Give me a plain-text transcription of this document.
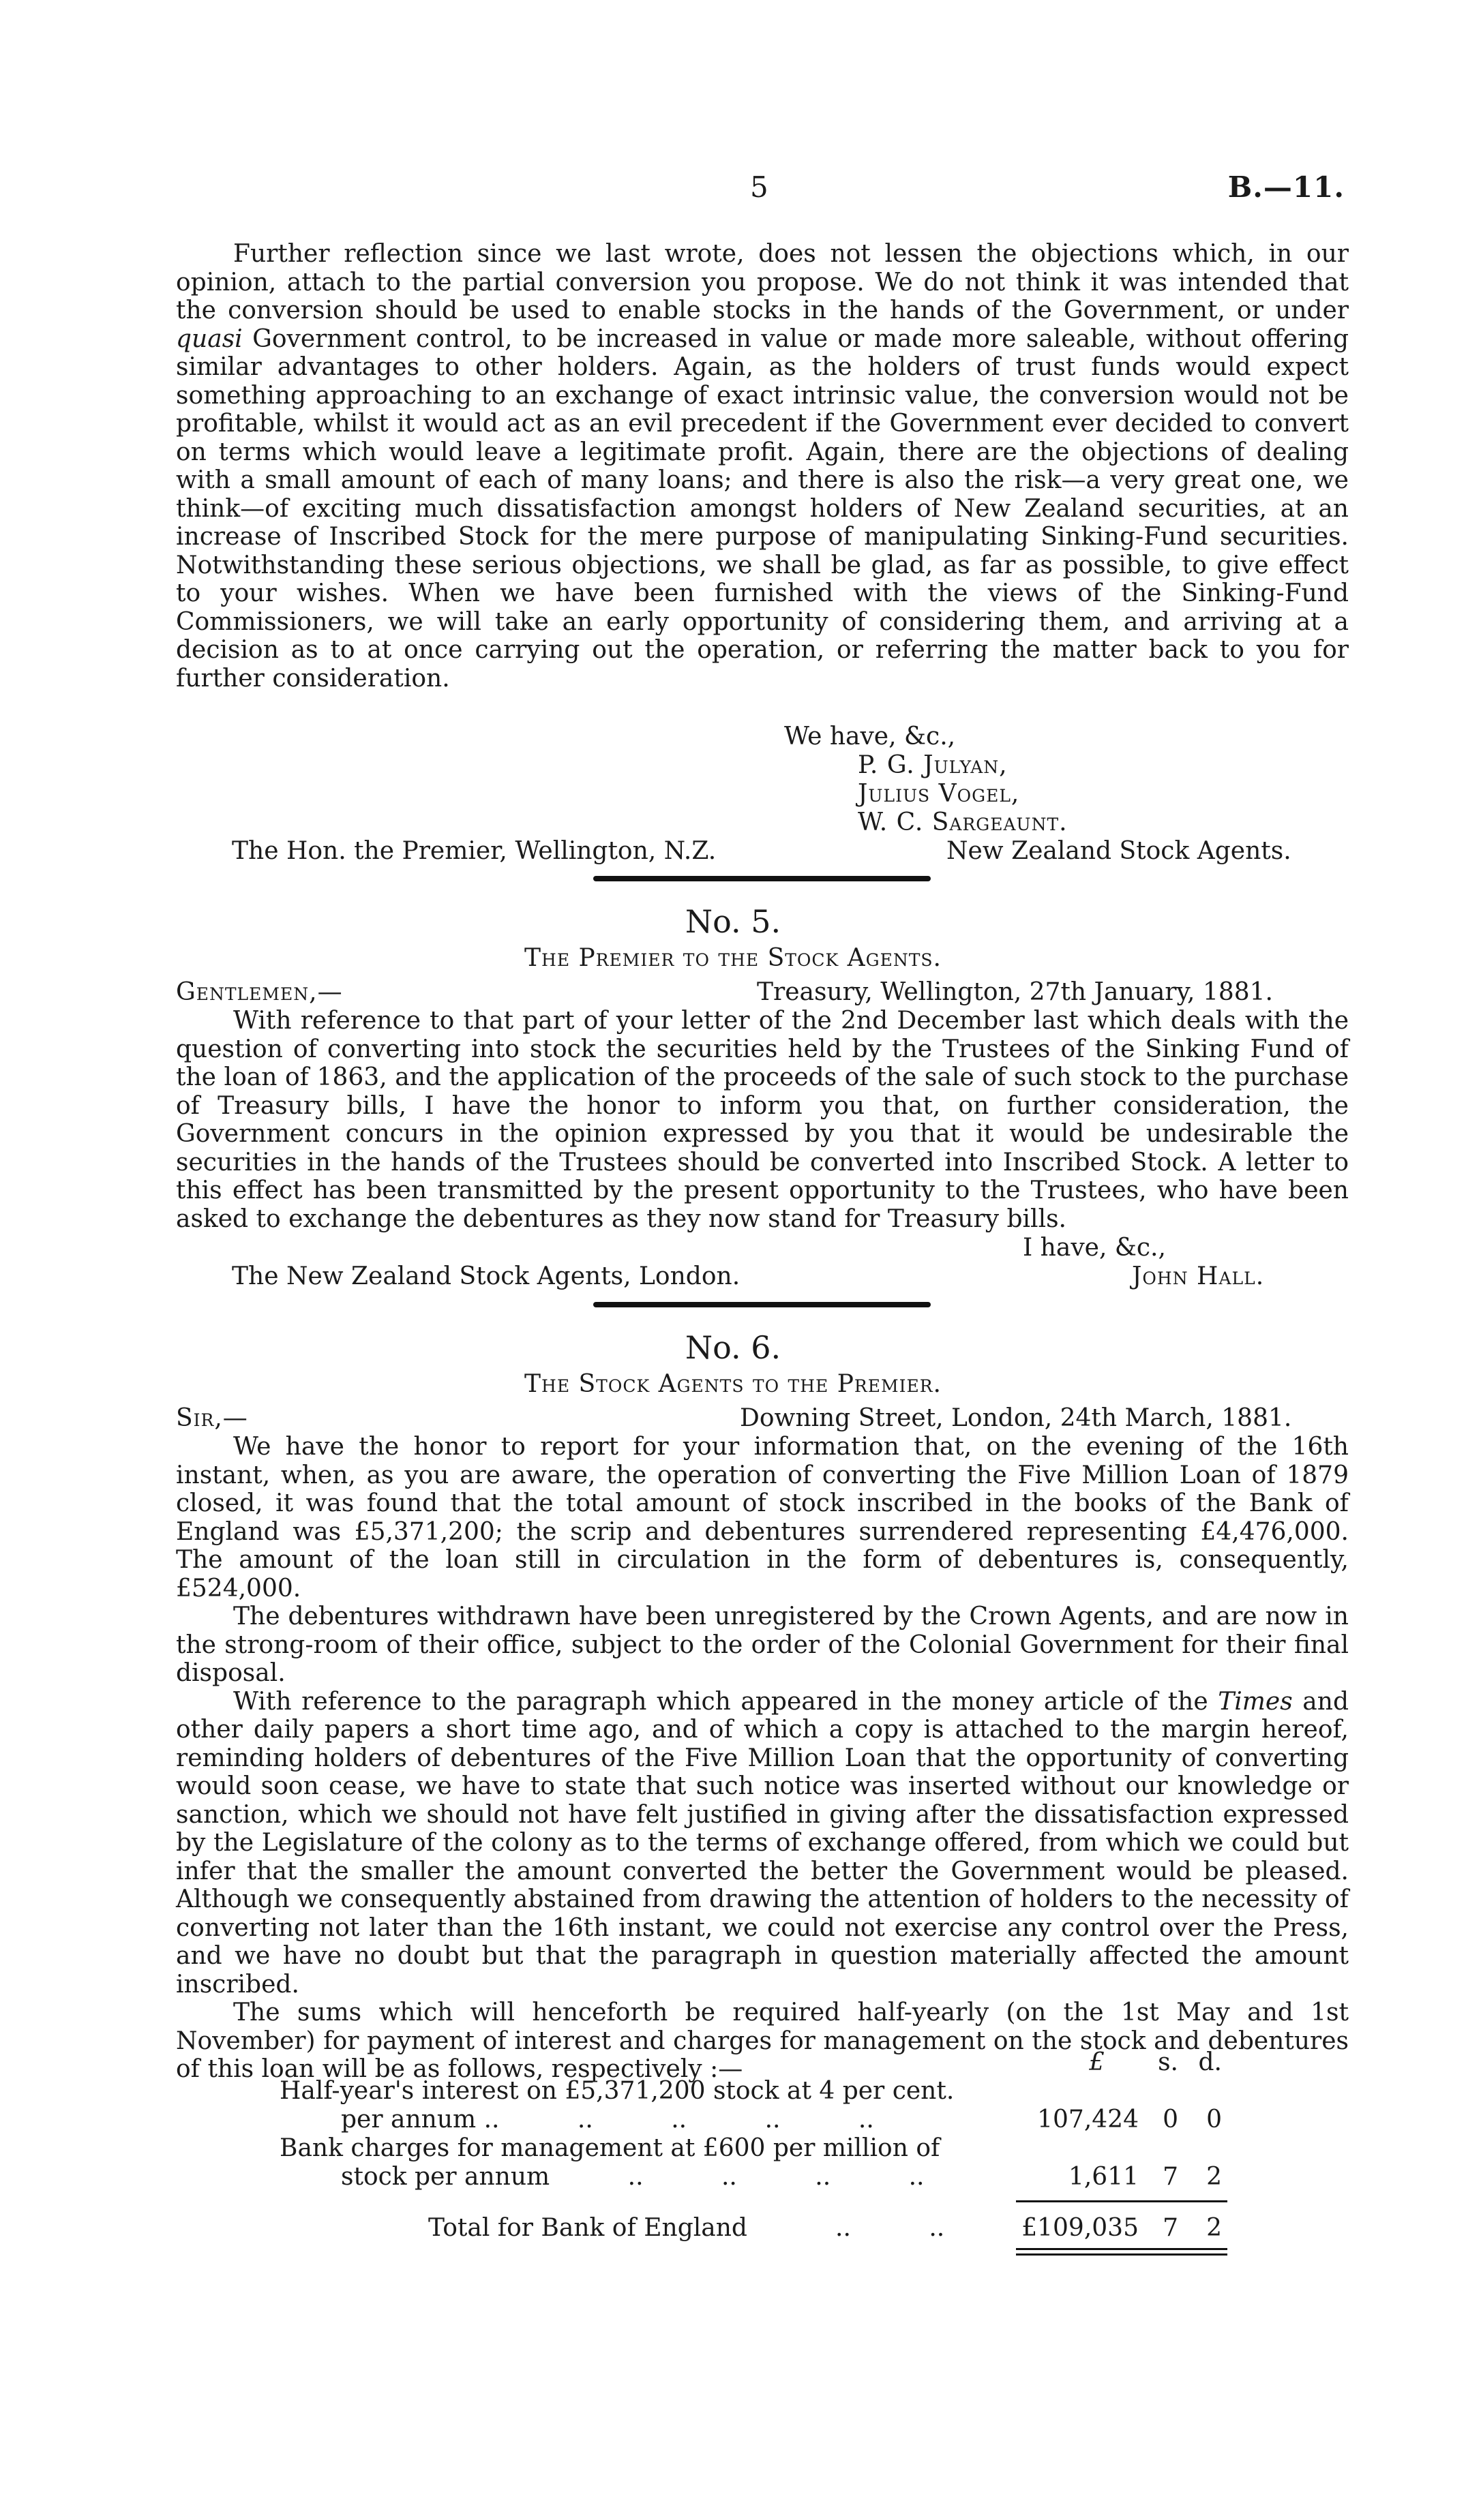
5	B.—11.

Further reflection since we last wrote, does not lessen the objections which, in our opinion, attach to the partial conversion you propose. We do not think it was intended that the conversion should be used to enable stocks in the hands of the Government, or under quasi Government control, to be increased in value or made more saleable, without offering similar advantages to other holders. Again, as the holders of trust funds would expect something approaching to an exchange of exact intrinsic value, the conversion would not be profitable, whilst it would act as an evil precedent if the Government ever decided to convert on terms which would leave a legitimate profit. Again, there are the objections of dealing with a small amount of each of many loans; and there is also the risk—a very great one, we think—of exciting much dissatisfaction amongst holders of New Zealand securities, at an increase of Inscribed Stock for the mere purpose of manipulating Sinking-Fund securities. Notwithstanding these serious objections, we shall be glad, as far as possible, to give effect to your wishes. When we have been furnished with the views of the Sinking-Fund Commissioners, we will take an early opportunity of considering them, and arriving at a decision as to at once carrying out the operation, or referring the matter back to you for further consideration.

We have, &c.,
P. G. Julyan,
Julius Vogel,
W. C. Sargeaunt.
The Hon. the Premier, Wellington, N.Z.	New Zealand Stock Agents.
No. 5.
The Premier to the Stock Agents.
Gentlemen,—	Treasury, Wellington, 27th January, 1881.

With reference to that part of your letter of the 2nd December last which deals with the question of converting into stock the securities held by the Trustees of the Sinking Fund of the loan of 1863, and the application of the proceeds of the sale of such stock to the purchase of Treasury bills, I have the honor to inform you that, on further consideration, the Government concurs in the opinion expressed by you that it would be undesirable the securities in the hands of the Trustees should be converted into Inscribed Stock. A letter to this effect has been transmitted by the present opportunity to the Trustees, who have been asked to exchange the debentures as they now stand for Treasury bills.

I have, &c.,
The New Zealand Stock Agents, London.	John Hall.
No. 6.
The Stock Agents to the Premier.
Sir,—	Downing Street, London, 24th March, 1881.

We have the honor to report for your information that, on the evening of the 16th instant, when, as you are aware, the operation of converting the Five Million Loan of 1879 closed, it was found that the total amount of stock inscribed in the books of the Bank of England was £5,371,200; the scrip and debentures surrendered representing £4,476,000. The amount of the loan still in circulation in the form of debentures is, consequently, £524,000.

The debentures withdrawn have been unregistered by the Crown Agents, and are now in the strong-room of their office, subject to the order of the Colonial Government for their final disposal.

With reference to the paragraph which appeared in the money article of the Times and other daily papers a short time ago, and of which a copy is attached to the margin hereof, reminding holders of debentures of the Five Million Loan that the opportunity of converting would soon cease, we have to state that such notice was inserted without our knowledge or sanction, which we should not have felt justified in giving after the dissatisfaction expressed by the Legislature of the colony as to the terms of exchange offered, from which we could but infer that the smaller the amount converted the better the Government would be pleased. Although we consequently abstained from drawing the attention of holders to the necessity of converting not later than the 16th instant, we could not exercise any control over the Press, and we have no doubt but that the paragraph in question materially affected the amount inscribed.

The sums which will henceforth be required half-yearly (on the 1st May and 1st November) for payment of interest and charges for management on the stock and debentures of this loan will be as follows, respectively :—	£ s. d.
Half-year's interest on £5,371,200 stock at 4 per cent.
per annum ..          ..          ..          ..          ..	107,424 0	0
Bank charges for management at £600 per million of
stock per annum          ..          ..          ..          ..	1,611 7	2
Total for Bank of England	..          ..	£109,035 7	2
